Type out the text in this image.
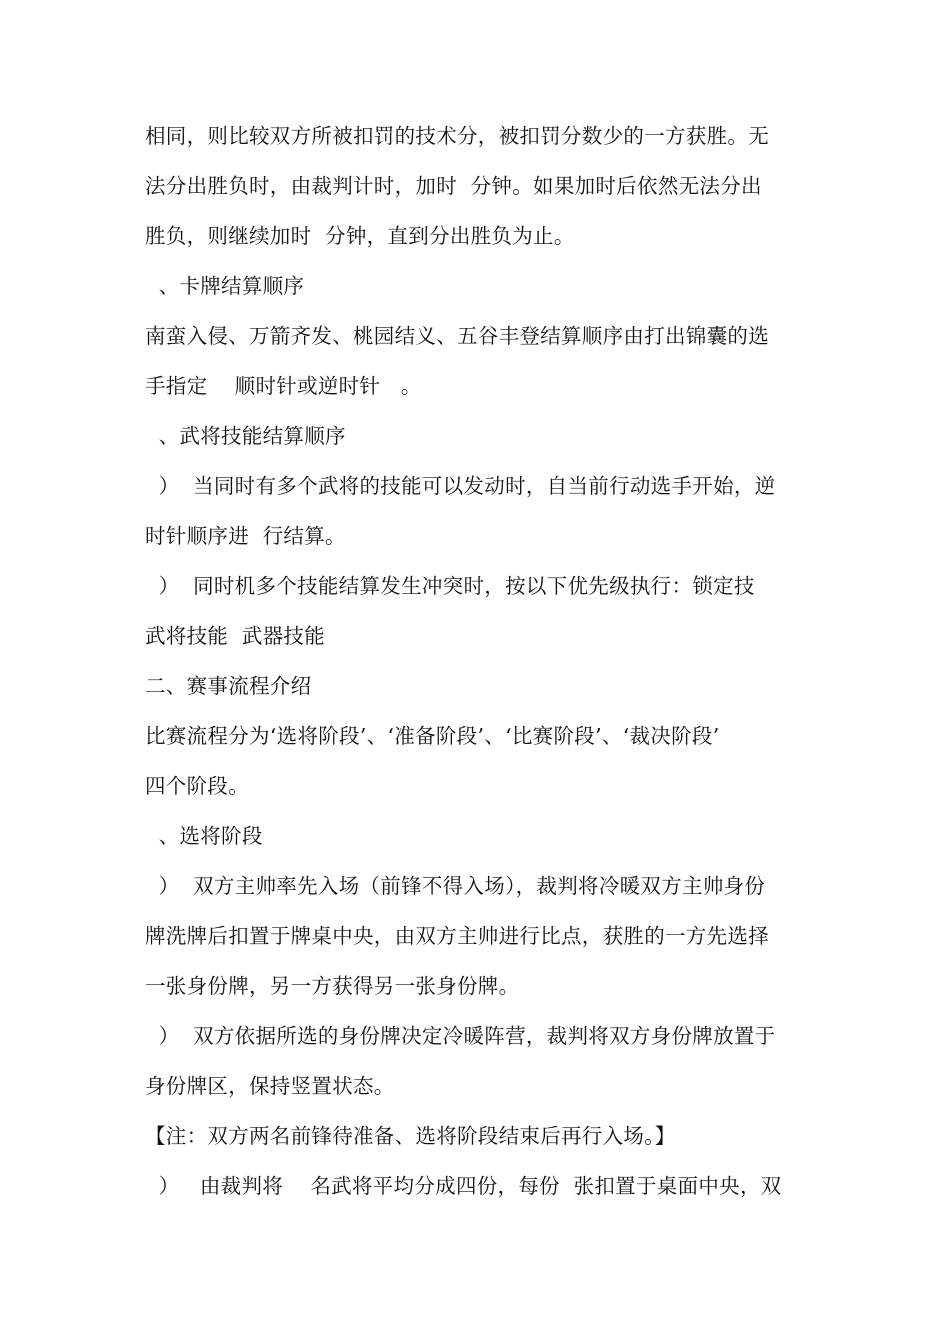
相同，则比较双方所被扣罚的技术分，被扣罚分数少的一方获胜。无
法分出胜负时，由裁判计时，加时  分钟。如果加时后依然无法分出
胜负，则继续加时  分钟，直到分出胜负为止。
、卡牌结算顺序
南蛮入侵、万箭齐发、桃园结义、五谷丰登结算顺序由打出锦囊的选
手指定    顺时针或逆时针   。
、武将技能结算顺序
）  当同时有多个武将的技能可以发动时，自当前行动选手开始，逆
时针顺序进  行结算。
）  同时机多个技能结算发生冲突时，按以下优先级执行：锁定技
武将技能  武器技能
二、赛事流程介绍
比赛流程分为‘选将阶段’、‘准备阶段’、‘比赛阶段’、‘裁决阶段’
四个阶段。
、选将阶段
）  双方主帅率先入场（前锋不得入场），裁判将冷暖双方主帅身份
牌洗牌后扣置于牌桌中央，由双方主帅进行比点，获胜的一方先选择
一张身份牌，另一方获得另一张身份牌。
）  双方依据所选的身份牌决定冷暖阵营，裁判将双方身份牌放置于
身份牌区，保持竖置状态。
【注：双方两名前锋待准备、选将阶段结束后再行入场。】
）   由裁判将    名武将平均分成四份，每份  张扣置于桌面中央，双
